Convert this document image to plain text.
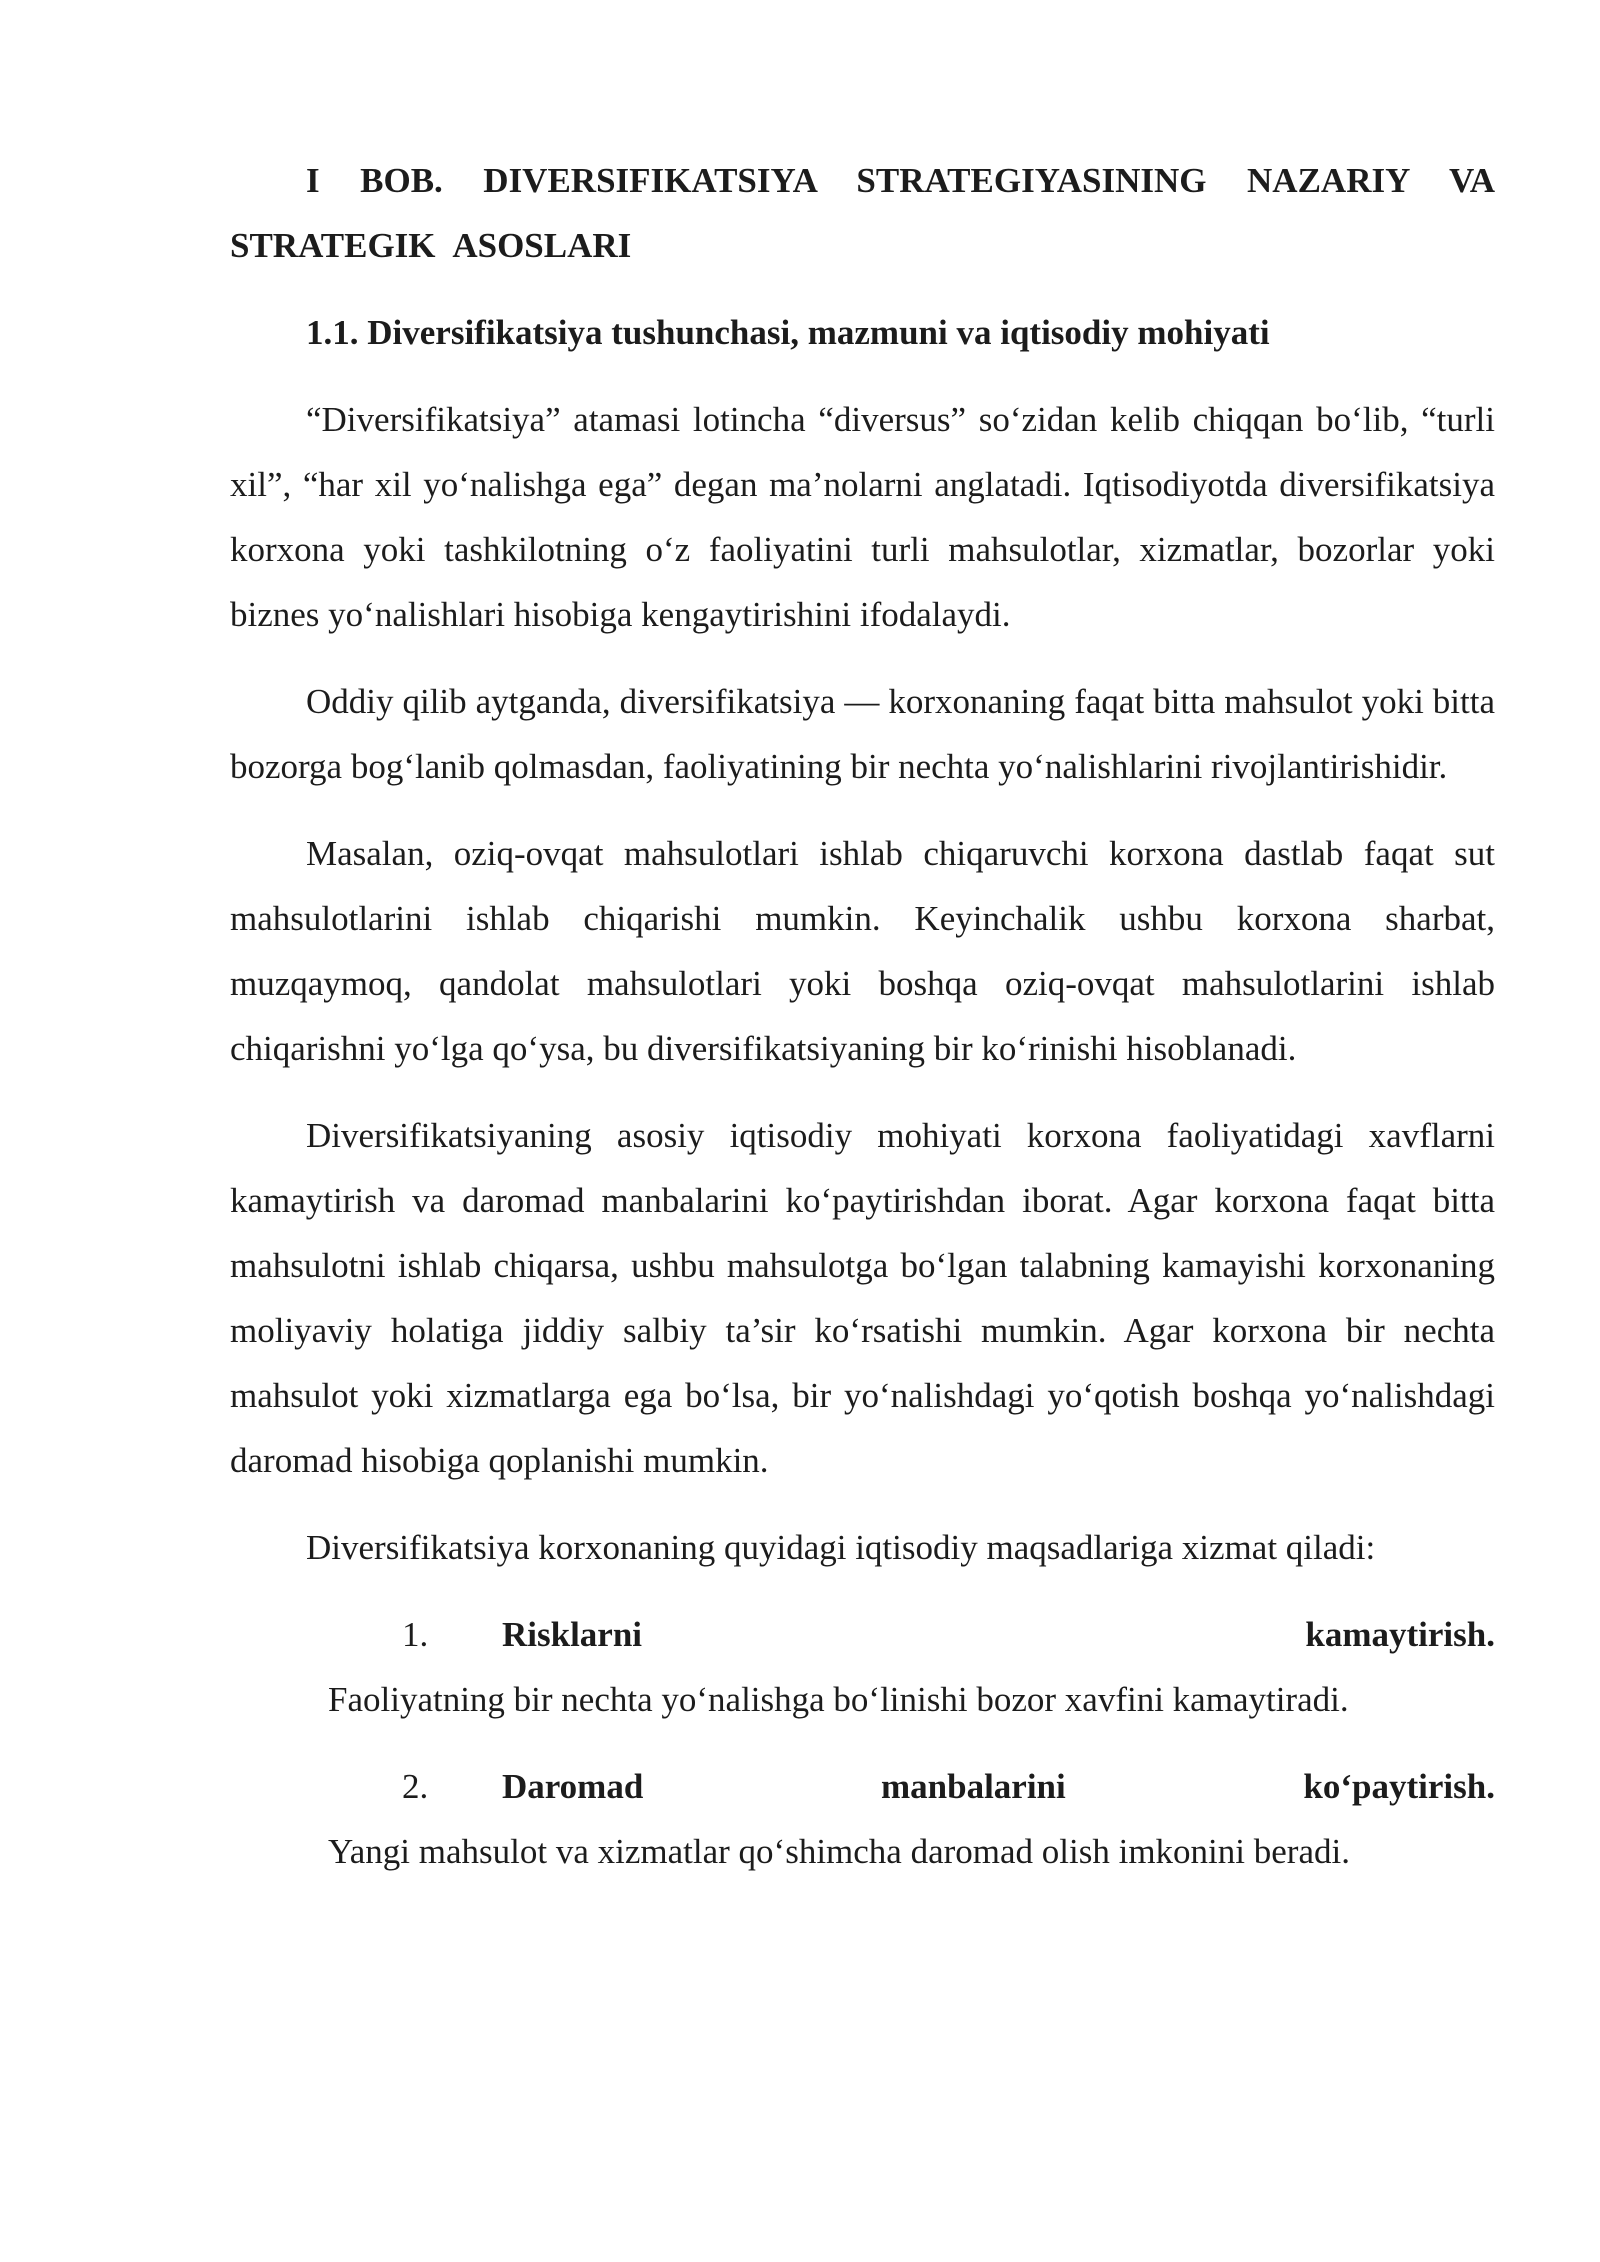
I BOB. DIVERSIFIKATSIYA STRATEGIYASINING NAZARIY VA STRATEGIK ASOSLARI
1.1. Diversifikatsiya tushunchasi, mazmuni va iqtisodiy mohiyati

“Diversifikatsiya” atamasi lotincha “diversus” so‘zidan kelib chiqqan bo‘lib, “turli xil”, “har xil yo‘nalishga ega” degan ma’nolarni anglatadi. Iqtisodiyotda diversifikatsiya korxona yoki tashkilotning o‘z faoliyatini turli mahsulotlar, xizmatlar, bozorlar yoki biznes yo‘nalishlari hisobiga kengaytirishini ifodalaydi.

Oddiy qilib aytganda, diversifikatsiya — korxonaning faqat bitta mahsulot yoki bitta bozorga bog‘lanib qolmasdan, faoliyatining bir nechta yo‘nalishlarini rivojlantirishidir.

Masalan, oziq-ovqat mahsulotlari ishlab chiqaruvchi korxona dastlab faqat sut mahsulotlarini ishlab chiqarishi mumkin. Keyinchalik ushbu korxona sharbat, muzqaymoq, qandolat mahsulotlari yoki boshqa oziq-ovqat mahsulotlarini ishlab chiqarishni yo‘lga qo‘ysa, bu diversifikatsiyaning bir ko‘rinishi hisoblanadi.

Diversifikatsiyaning asosiy iqtisodiy mohiyati korxona faoliyatidagi xavflarni kamaytirish va daromad manbalarini ko‘paytirishdan iborat. Agar korxona faqat bitta mahsulotni ishlab chiqarsa, ushbu mahsulotga bo‘lgan talabning kamayishi korxonaning moliyaviy holatiga jiddiy salbiy ta’sir ko‘rsatishi mumkin. Agar korxona bir nechta mahsulot yoki xizmatlarga ega bo‘lsa, bir yo‘nalishdagi yo‘qotish boshqa yo‘nalishdagi daromad hisobiga qoplanishi mumkin.

Diversifikatsiya korxonaning quyidagi iqtisodiy maqsadlariga xizmat qiladi:

1.	Risklarni	kamaytirish.
Faoliyatning bir nechta yo‘nalishga bo‘linishi bozor xavfini kamaytiradi.
2.	Daromad	manbalarini	ko‘paytirish.
Yangi mahsulot va xizmatlar qo‘shimcha daromad olish imkonini beradi.
